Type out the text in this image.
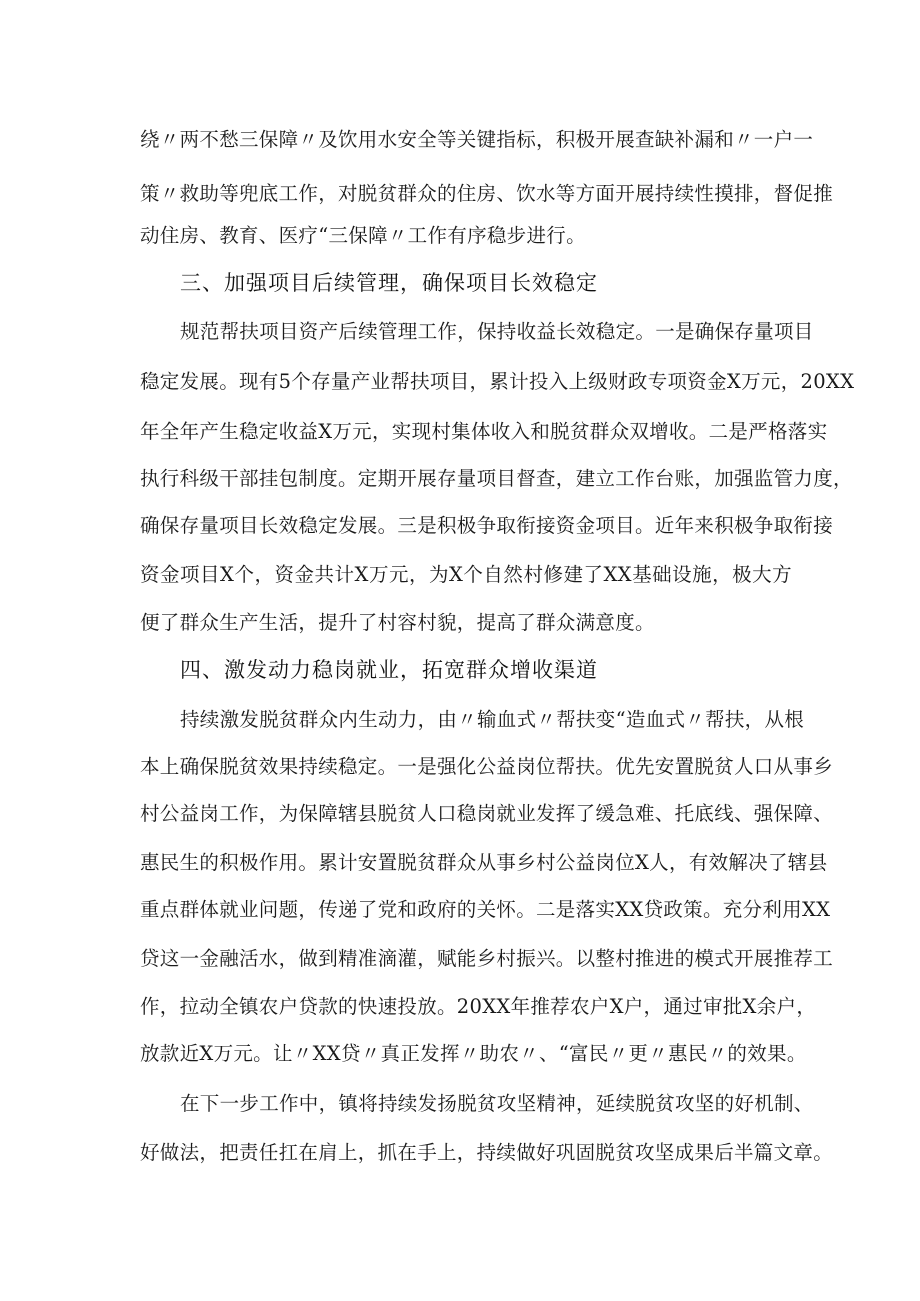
绕〃两不愁三保障〃及饮用水安全等关键指标，积极开展查缺补漏和〃一户一
策〃救助等兜底工作，对脱贫群众的住房、饮水等方面开展持续性摸排，督促推
动住房、教育、医疗“三保障〃工作有序稳步进行。
三、加强项目后续管理，确保项目长效稳定
规范帮扶项目资产后续管理工作，保持收益长效稳定。一是确保存量项目
稳定发展。现有5个存量产业帮扶项目，累计投入上级财政专项资金X万元，20XX
年全年产生稳定收益X万元，实现村集体收入和脱贫群众双增收。二是严格落实
执行科级干部挂包制度。定期开展存量项目督查，建立工作台账，加强监管力度，
确保存量项目长效稳定发展。三是积极争取衔接资金项目。近年来积极争取衔接
资金项目X个，资金共计X万元，为X个自然村修建了XX基础设施，极大方
便了群众生产生活，提升了村容村貌，提高了群众满意度。
四、激发动力稳岗就业，拓宽群众增收渠道
持续激发脱贫群众内生动力，由〃输血式〃帮扶变“造血式〃帮扶，从根
本上确保脱贫效果持续稳定。一是强化公益岗位帮扶。优先安置脱贫人口从事乡
村公益岗工作，为保障辖县脱贫人口稳岗就业发挥了缓急难、托底线、强保障、
惠民生的积极作用。累计安置脱贫群众从事乡村公益岗位X人，有效解决了辖县
重点群体就业问题，传递了党和政府的关怀。二是落实XX贷政策。充分利用XX
贷这一金融活水，做到精准滴灌，赋能乡村振兴。以整村推进的模式开展推荐工
作，拉动全镇农户贷款的快速投放。20XX年推荐农户X户，通过审批X余户，
放款近X万元。让〃XX贷〃真正发挥〃助农〃、“富民〃更〃惠民〃的效果。
在下一步工作中，镇将持续发扬脱贫攻坚精神，延续脱贫攻坚的好机制、
好做法，把责任扛在肩上，抓在手上，持续做好巩固脱贫攻坚成果后半篇文章。
